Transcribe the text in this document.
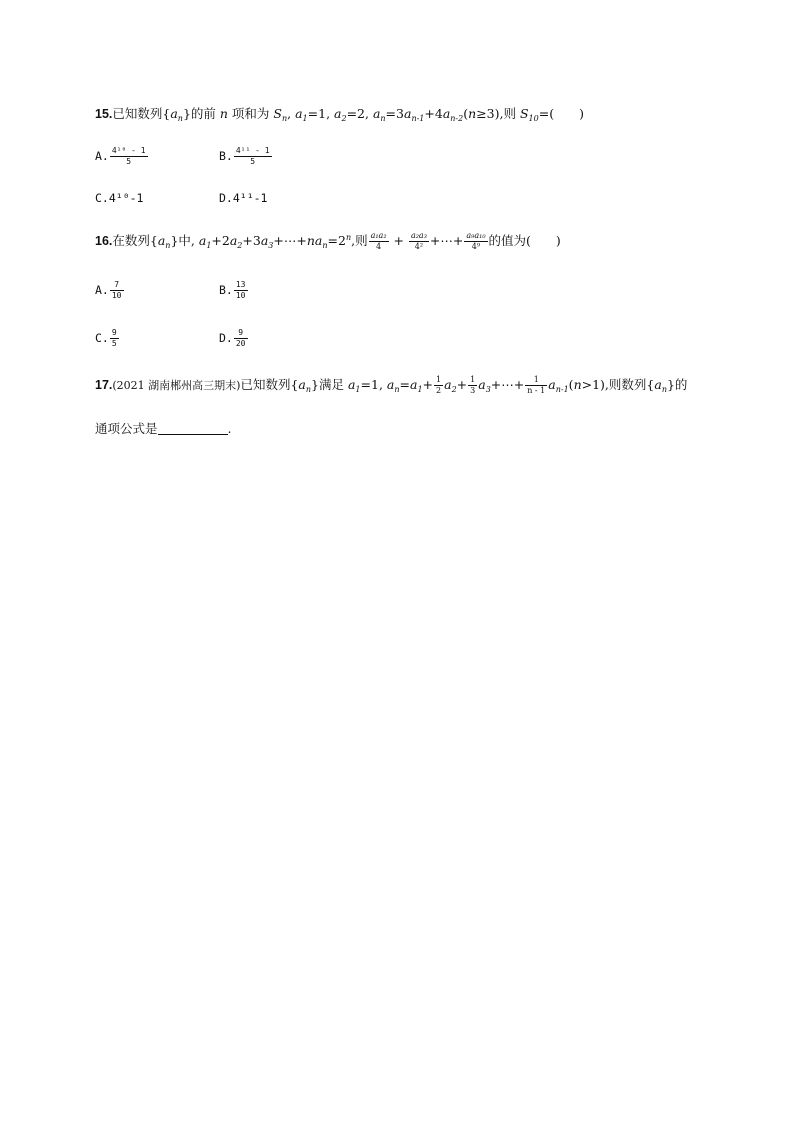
15.已知数列$\{a_n\}$的前 n 项和为 $S_n$, $a_1=1$, $a_2=2$, $a_n=3a_{n-1}+4a_{n-2}(n\ge 3)$,则 $S_{10}=$(　　)
A. $\frac{\text{4¹⁰ - 1}}{5}$	B. $\frac{\text{4¹¹ - 1}}{5}$
C.4¹⁰-1	D.4¹¹-1
16.在数列$\{a_n\}$中, $a_1+2a_2+3a_3+\cdots+na_n=2^n$,则 $\frac{\text{a₁a₂}}{4} + \frac{\text{a₂a₃}}{\text{4²}}$ +⋯+ $\frac{\text{a₉a₁₀}}{\text{4⁹}}$ 的值为(　　)
A. $\frac{7}{10}$	B. $\frac{13}{10}$
C. $\frac{9}{5}$	D. $\frac{9}{20}$
17.(2021 湖南郴州高三期末)已知数列$\{a_n\}$满足 $a_1=1$, $a_n=a_1+ \frac{1}{2} a_2+ \frac{1}{3}$ $a_3+\cdots+ \frac{1}{n - 1} a_{n-1}(n>1)$,则数列$\{a_n\}$的
通项公式是	.
